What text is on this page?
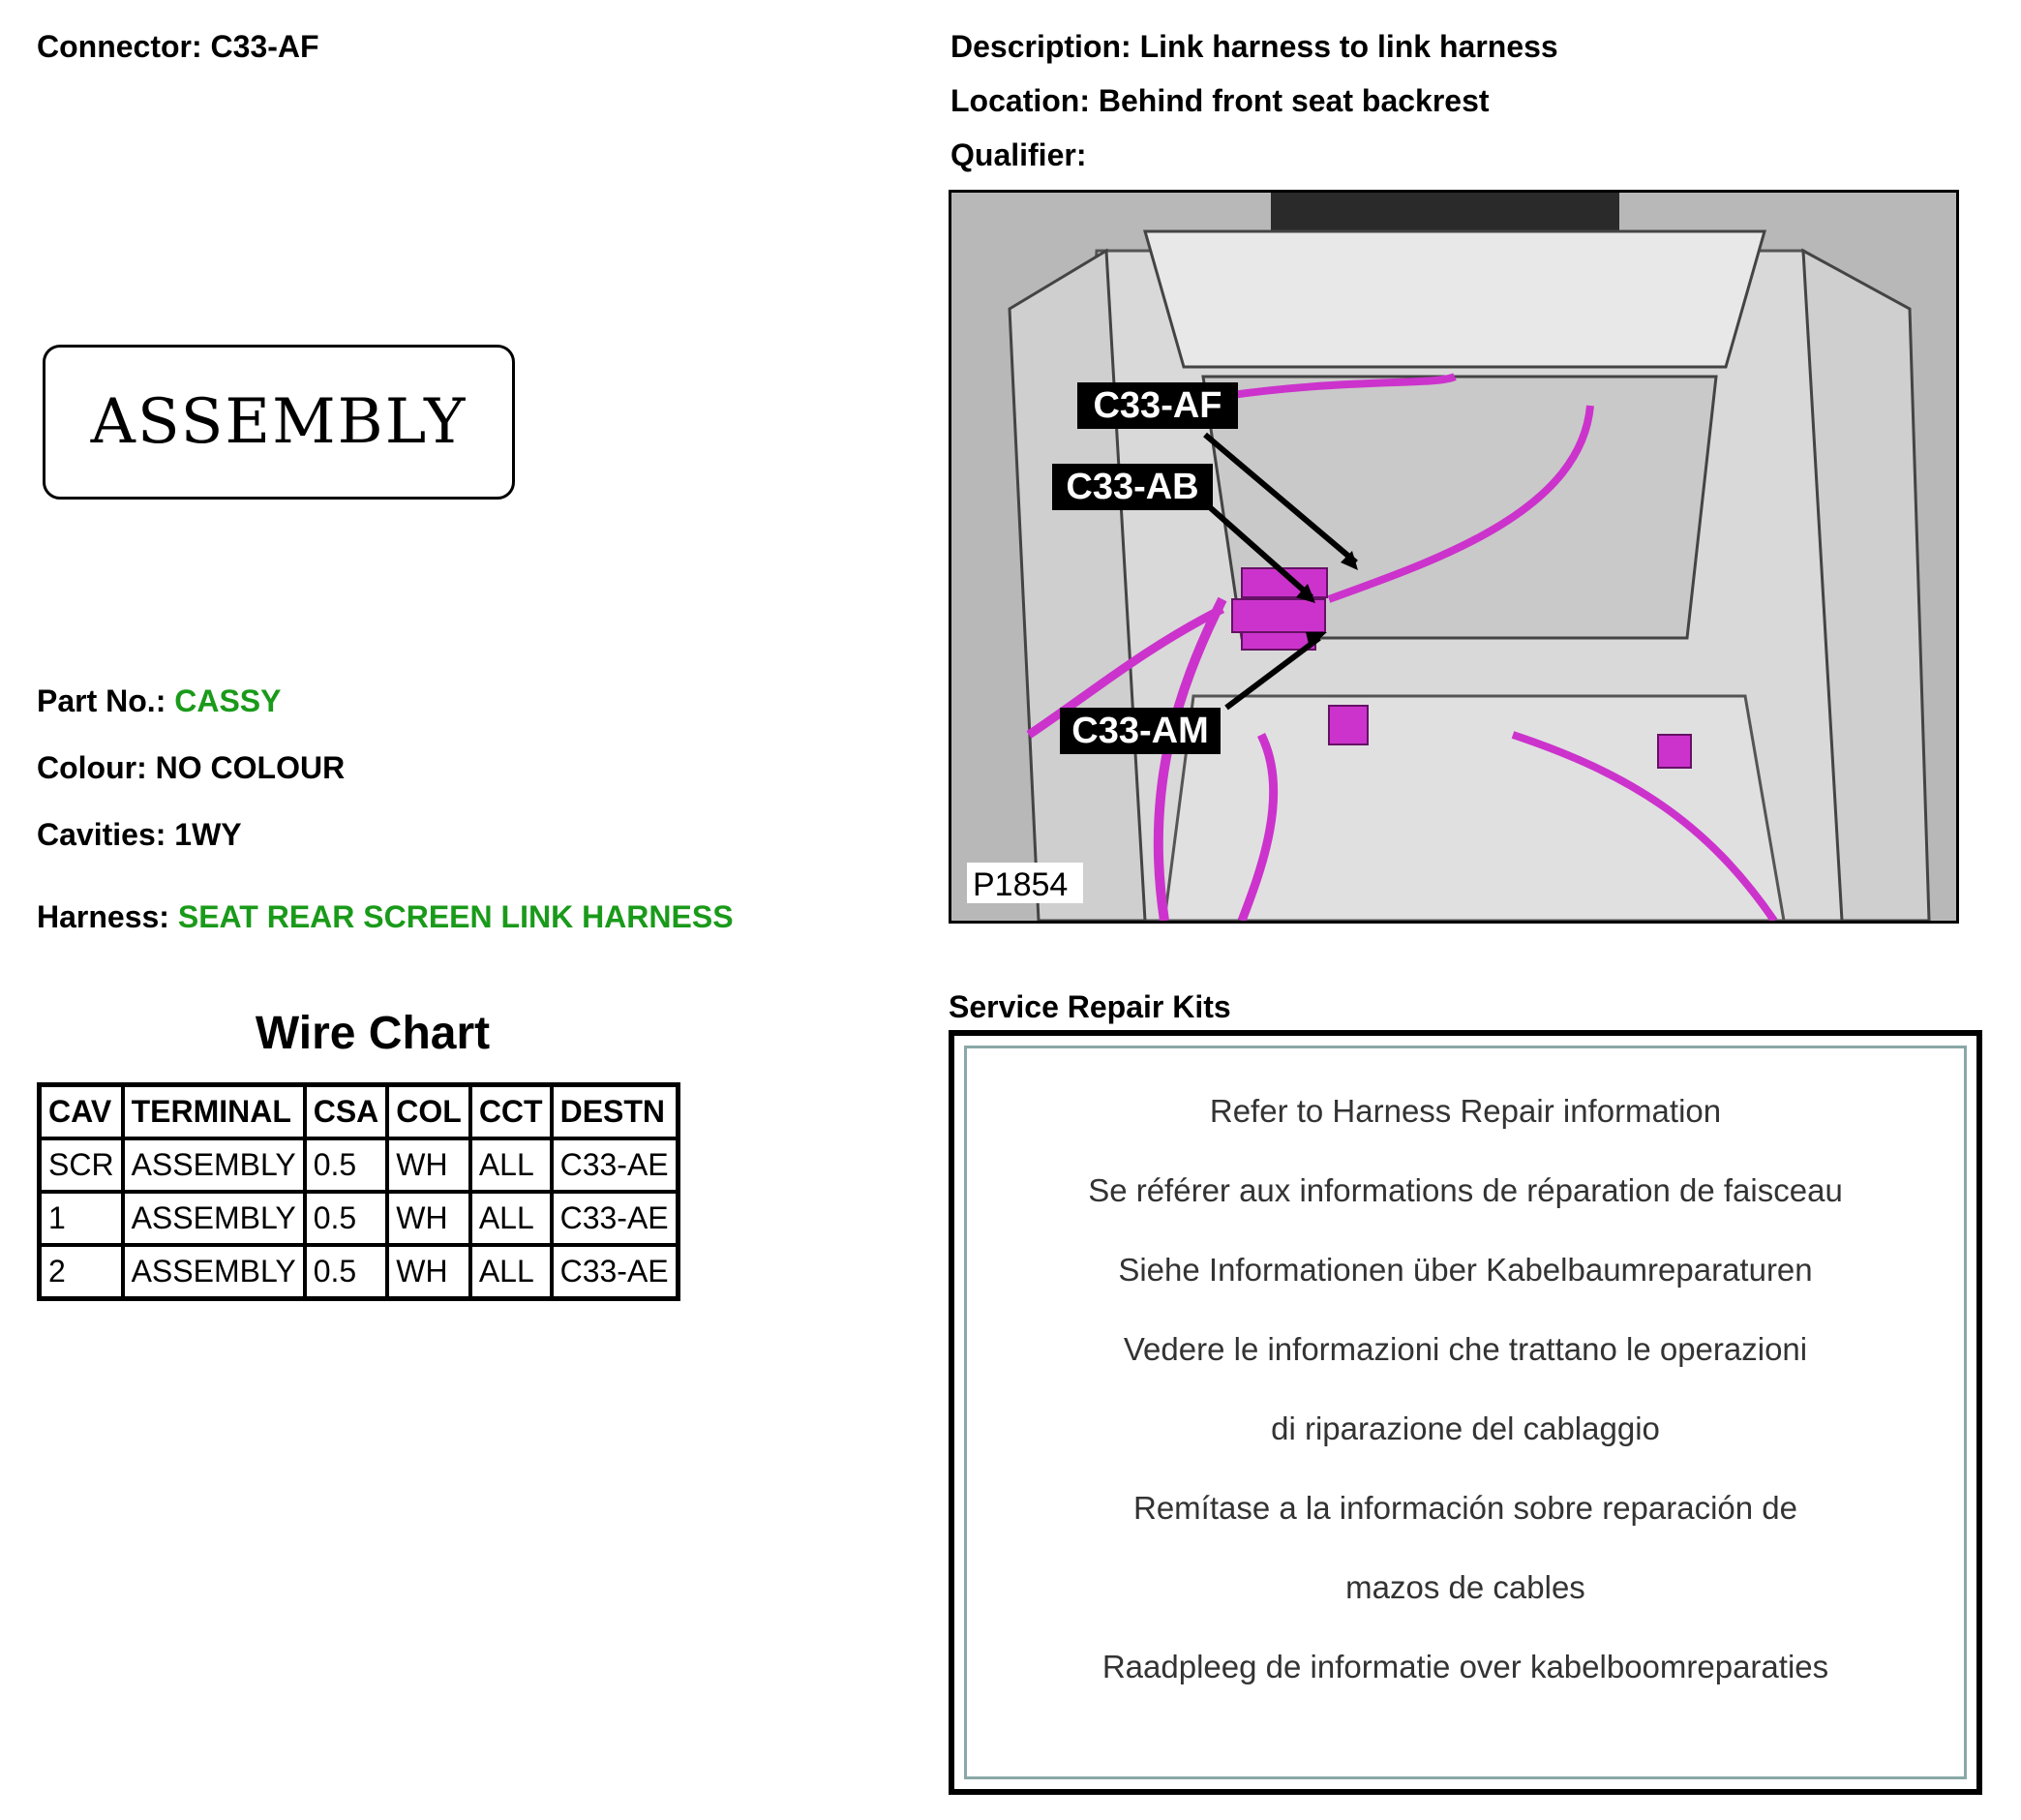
Connector: C33-AF	Description: Link harness to link harness
Location: Behind front seat backrest
Qualifier:
ASSEMBLY
Part No.: CASSY
Colour: NO COLOUR
Cavities: 1WY
Harness: SEAT REAR SCREEN LINK HARNESS
Wire Chart
CAV	TERMINAL	CSA	COL	CCT	DESTN
SCR	ASSEMBLY	0.5	WH	ALL	C33-AE
1	ASSEMBLY	0.5	WH	ALL	C33-AE
2	ASSEMBLY	0.5	WH	ALL	C33-AE
C33-AF
C33-AB
C33-AM
P1854
Service Repair Kits
Refer to Harness Repair information
Se référer aux informations de réparation de faisceau
Siehe Informationen über Kabelbaumreparaturen
Vedere le informazioni che trattano le operazioni
di riparazione del cablaggio
Remítase a la información sobre reparación de
mazos de cables
Raadpleeg de informatie over kabelboomreparaties
